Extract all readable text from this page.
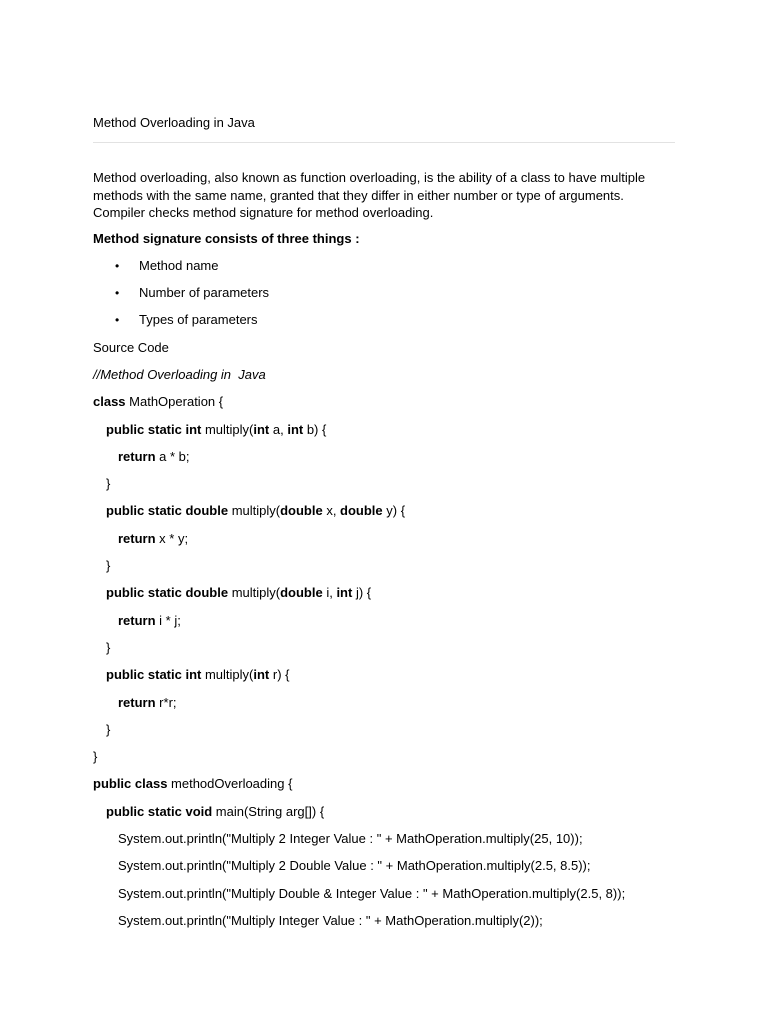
Method Overloading in Java
Method overloading, also known as function overloading, is the ability of a class to have multiple methods with the same name, granted that they differ in either number or type of arguments. Compiler checks method signature for method overloading.
Method signature consists of three things :
• Method name
• Number of parameters
• Types of parameters
Source Code
//Method Overloading in  Java
class MathOperation {
public static int multiply(int a, int b) {
return a * b;
}
public static double multiply(double x, double y) {
return x * y;
}
public static double multiply(double i, int j) {
return i * j;
}
public static int multiply(int r) {
return r*r;
}
}
public class methodOverloading {
public static void main(String arg[]) {
System.out.println("Multiply 2 Integer Value : " + MathOperation.multiply(25, 10));
System.out.println("Multiply 2 Double Value : " + MathOperation.multiply(2.5, 8.5));
System.out.println("Multiply Double & Integer Value : " + MathOperation.multiply(2.5, 8));
System.out.println("Multiply Integer Value : " + MathOperation.multiply(2));
